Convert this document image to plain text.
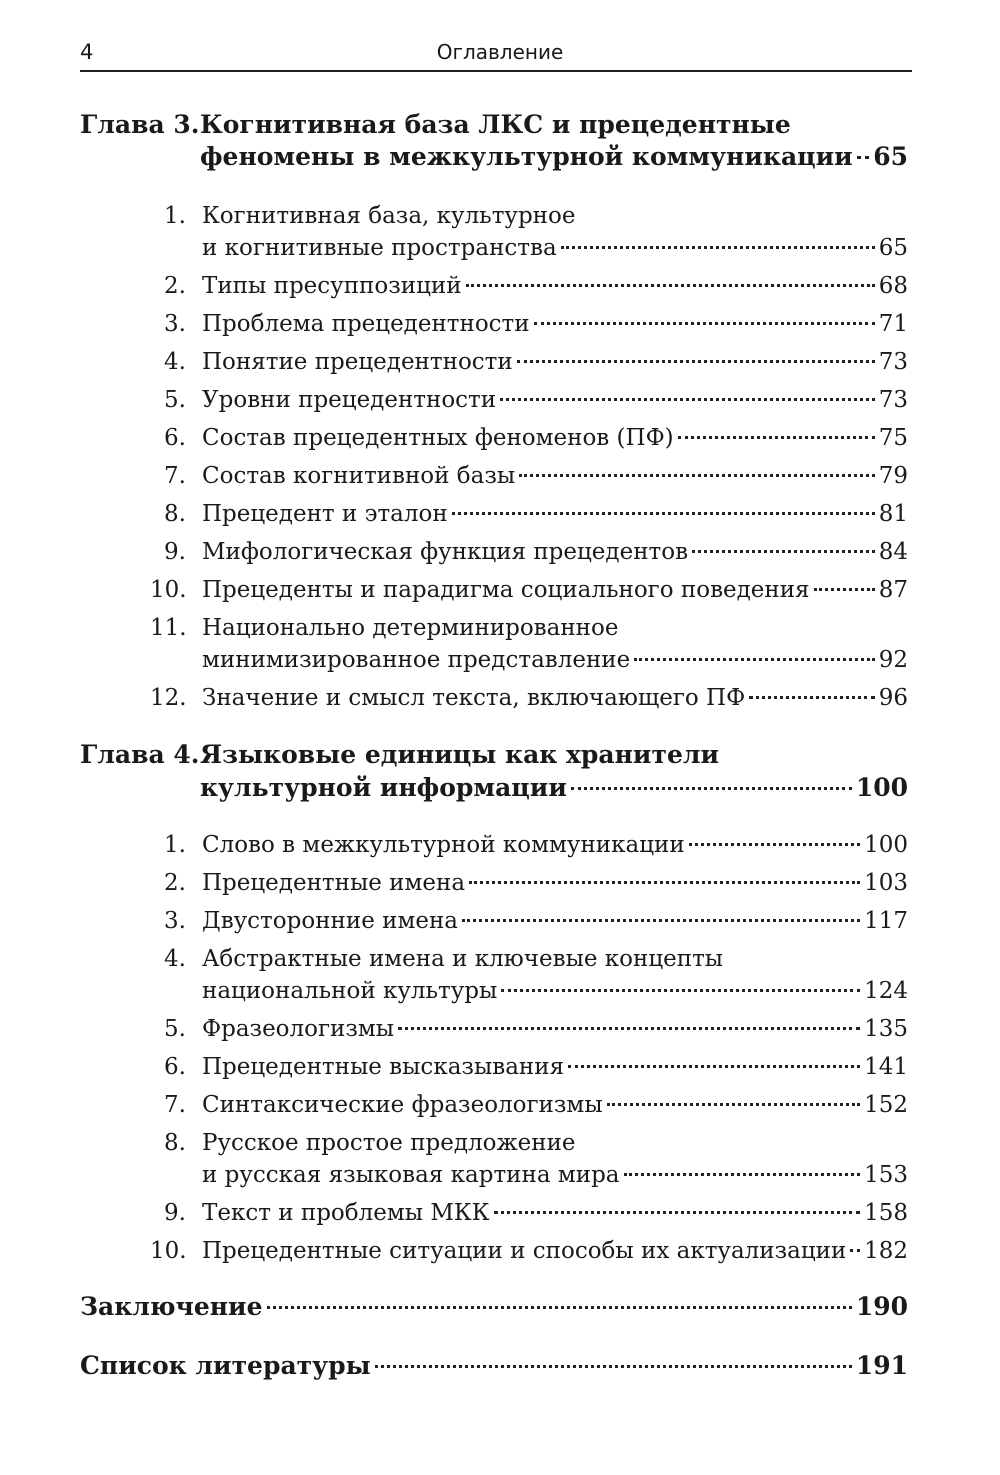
4	Оглавление
Глава 3. Когнитивная база ЛКС и прецедентные
феномены в межкультурной коммуникации 65
1. Когнитивная база, культурное
и когнитивные пространства	65
2. Типы пресуппозиций	68
3. Проблема прецедентности	71
4. Понятие прецедентности	73
5. Уровни прецедентности	73
6. Состав прецедентных феноменов (ПФ)	75
7. Состав когнитивной базы	79
8. Прецедент и эталон	81
9. Мифологическая функция прецедентов	84
10. Прецеденты и парадигма социального поведения	87
11. Национально детерминированное
минимизированное представление	92
12. Значение и смысл текста, включающего ПФ	96
Глава 4. Языковые единицы как хранители
культурной информации	100
1. Слово в межкультурной коммуникации	100
2. Прецедентные имена	103
3. Двусторонние имена	117
4. Абстрактные имена и ключевые концепты
национальной культуры	124
5. Фразеологизмы	135
6. Прецедентные высказывания	141
7. Синтаксические фразеологизмы	152
8. Русское простое предложение
и русская языковая картина мира	153
9. Текст и проблемы МКК	158
10. Прецедентные ситуации и способы их актуализации 182
Заключение	190
Список литературы	191
